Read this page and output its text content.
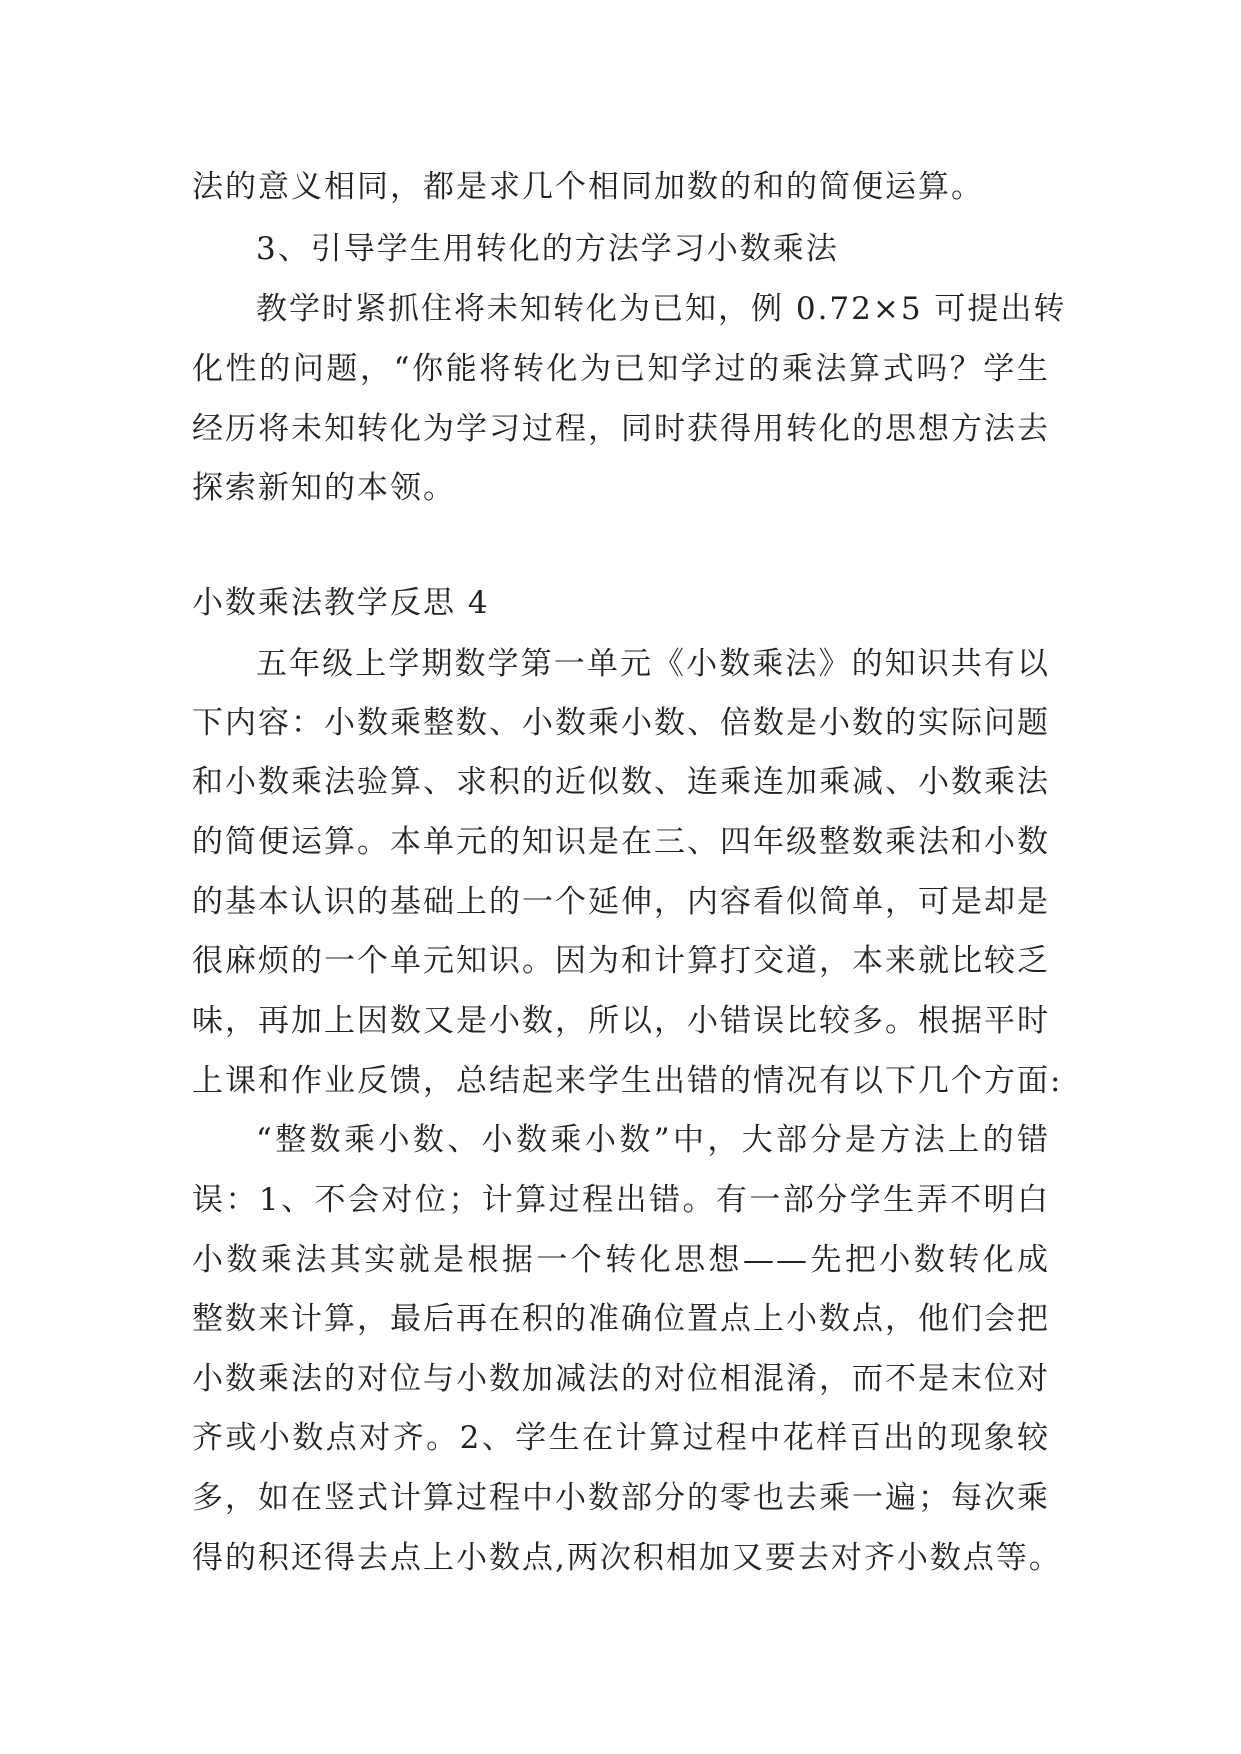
法的意义相同，都是求几个相同加数的和的简便运算。
3、引导学生用转化的方法学习小数乘法
教学时紧抓住将未知转化为已知，例 0.72×5 可提出转
化性的问题，“你能将转化为已知学过的乘法算式吗？学生
经历将未知转化为学习过程，同时获得用转化的思想方法去
探索新知的本领。
小数乘法教学反思 4
五年级上学期数学第一单元《小数乘法》的知识共有以
下内容：小数乘整数、小数乘小数、倍数是小数的实际问题
和小数乘法验算、求积的近似数、连乘连加乘减、小数乘法
的简便运算。本单元的知识是在三、四年级整数乘法和小数
的基本认识的基础上的一个延伸，内容看似简单，可是却是
很麻烦的一个单元知识。因为和计算打交道，本来就比较乏
味，再加上因数又是小数，所以，小错误比较多。根据平时
上课和作业反馈，总结起来学生出错的情况有以下几个方面:
“整数乘小数、小数乘小数”中，大部分是方法上的错
误：1、不会对位；计算过程出错。有一部分学生弄不明白
小数乘法其实就是根据一个转化思想——先把小数转化成
整数来计算，最后再在积的准确位置点上小数点，他们会把
小数乘法的对位与小数加减法的对位相混淆，而不是末位对
齐或小数点对齐。2、学生在计算过程中花样百出的现象较
多，如在竖式计算过程中小数部分的零也去乘一遍；每次乘
得的积还得去点上小数点,两次积相加又要去对齐小数点等。
